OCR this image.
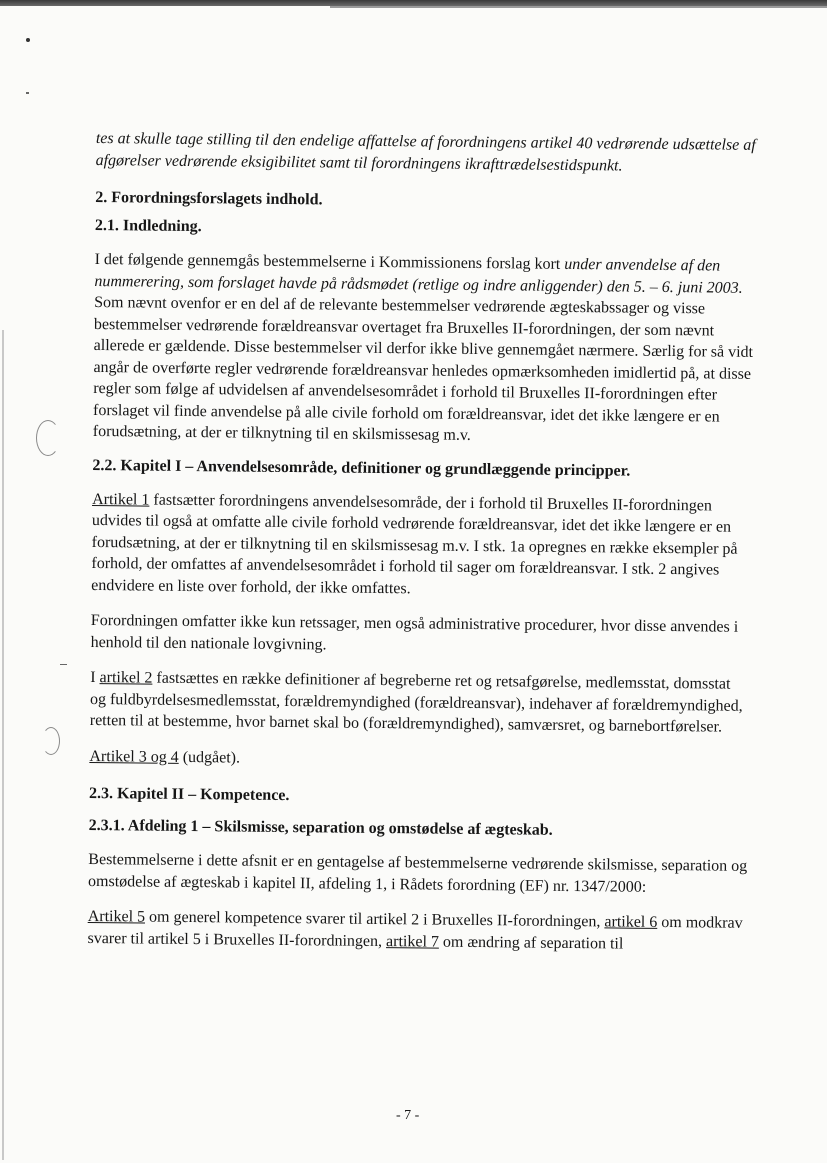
tes at skulle tage stilling til den endelige affattelse af forordningens artikel 40 vedrørende udsættelse af afgørelser vedrørende eksigibilitet samt til forordningens ikrafttrædelsestidspunkt.

2. Forordningsforslagets indhold.

2.1. Indledning.

I det følgende gennemgås bestemmelserne i Kommissionens forslag kort under anvendelse af den nummerering, som forslaget havde på rådsmødet (retlige og indre anliggender) den 5. – 6. juni 2003. Som nævnt ovenfor er en del af de relevante bestemmelser vedrørende ægteskabssager og visse bestemmelser vedrørende forældreansvar overtaget fra Bruxelles II-forordningen, der som nævnt allerede er gældende. Disse bestemmelser vil derfor ikke blive gennemgået nærmere. Særlig for så vidt angår de overførte regler vedrørende forældreansvar henledes opmærksomheden imidlertid på, at disse regler som følge af udvidelsen af anvendelsesområdet i forhold til Bruxelles II-forordningen efter forslaget vil finde anvendelse på alle civile forhold om forældreansvar, idet det ikke længere er en forudsætning, at der er tilknytning til en skilsmissesag m.v.

2.2. Kapitel I – Anvendelsesområde, definitioner og grundlæggende principper.

Artikel 1 fastsætter forordningens anvendelsesområde, der i forhold til Bruxelles II-forordningen udvides til også at omfatte alle civile forhold vedrørende forældreansvar, idet det ikke længere er en forudsætning, at der er tilknytning til en skilsmissesag m.v. I stk. 1a opregnes en række eksempler på forhold, der omfattes af anvendelsesområdet i forhold til sager om forældreansvar. I stk. 2 angives endvidere en liste over forhold, der ikke omfattes.

Forordningen omfatter ikke kun retssager, men også administrative procedurer, hvor disse anvendes i henhold til den nationale lovgivning.

I artikel 2 fastsættes en række definitioner af begreberne ret og retsafgørelse, medlemsstat, domsstat og fuldbyrdelsesmedlemsstat, forældremyndighed (forældreansvar), indehaver af forældremyndighed, retten til at bestemme, hvor barnet skal bo (forældremyndighed), samværsret, og barnebortførelser.

Artikel 3 og 4 (udgået).

2.3. Kapitel II – Kompetence.

2.3.1. Afdeling 1 – Skilsmisse, separation og omstødelse af ægteskab.

Bestemmelserne i dette afsnit er en gentagelse af bestemmelserne vedrørende skilsmisse, separation og omstødelse af ægteskab i kapitel II, afdeling 1, i Rådets forordning (EF) nr. 1347/2000:

Artikel 5 om generel kompetence svarer til artikel 2 i Bruxelles II-forordningen, artikel 6 om modkrav svarer til artikel 5 i Bruxelles II-forordningen, artikel 7 om ændring af separation til

- 7 -
